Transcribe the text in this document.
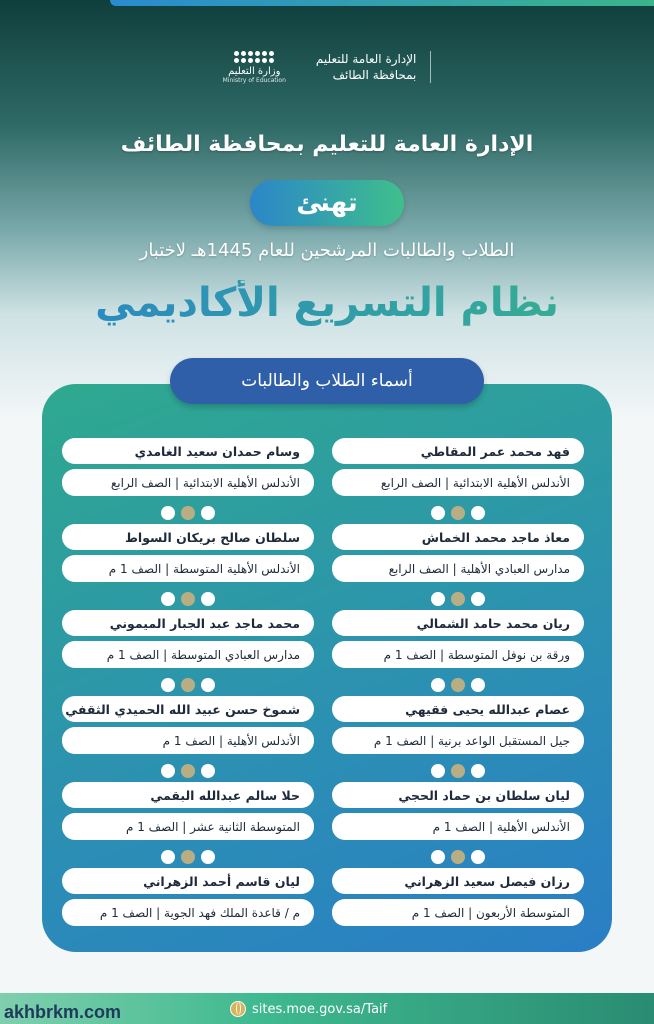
الإدارة العامة للتعليم
بمحافظة الطائف
وزارة التعليم
Ministry of Education
الإدارة العامة للتعليم بمحافظة الطائف
تهنئ
الطلاب والطالبات المرشحين للعام 1445هـ لاختبار
نظام التسريع الأكاديمي
أسماء الطلاب والطالبات
وسام حمدان سعيد الغامدي
الأندلس الأهلية الابتدائية | الصف الرابع
فهد محمد عمر المقاطي
الأندلس الأهلية الابتدائية | الصف الرابع
سلطان صالح بريكان السواط
الأندلس الأهلية المتوسطة | الصف 1 م
معاذ ماجد محمد الخماش
مدارس العبادي الأهلية | الصف الرابع
محمد ماجد عبد الجبار الميموني
مدارس العبادي المتوسطة | الصف 1 م
ريان محمد حامد الشمالي
ورقة بن نوفل المتوسطة | الصف 1 م
شموخ حسن عبيد الله الحميدي الثقفي
الأندلس الأهلية | الصف 1 م
عصام عبدالله يحيى فقيهي
جيل المستقبل الواعد برنية | الصف 1 م
حلا سالم عبدالله البقمي
المتوسطة الثانية عشر | الصف 1 م
ليان سلطان بن حماد الحجي
الأندلس الأهلية | الصف 1 م
ليان قاسم أحمد الزهراني
م / قاعدة الملك فهد الجوية | الصف 1 م
رزان فيصل سعيد الزهراني
المتوسطة الأربعون | الصف 1 م
sites.moe.gov.sa/Taif
akhbrkm.com
